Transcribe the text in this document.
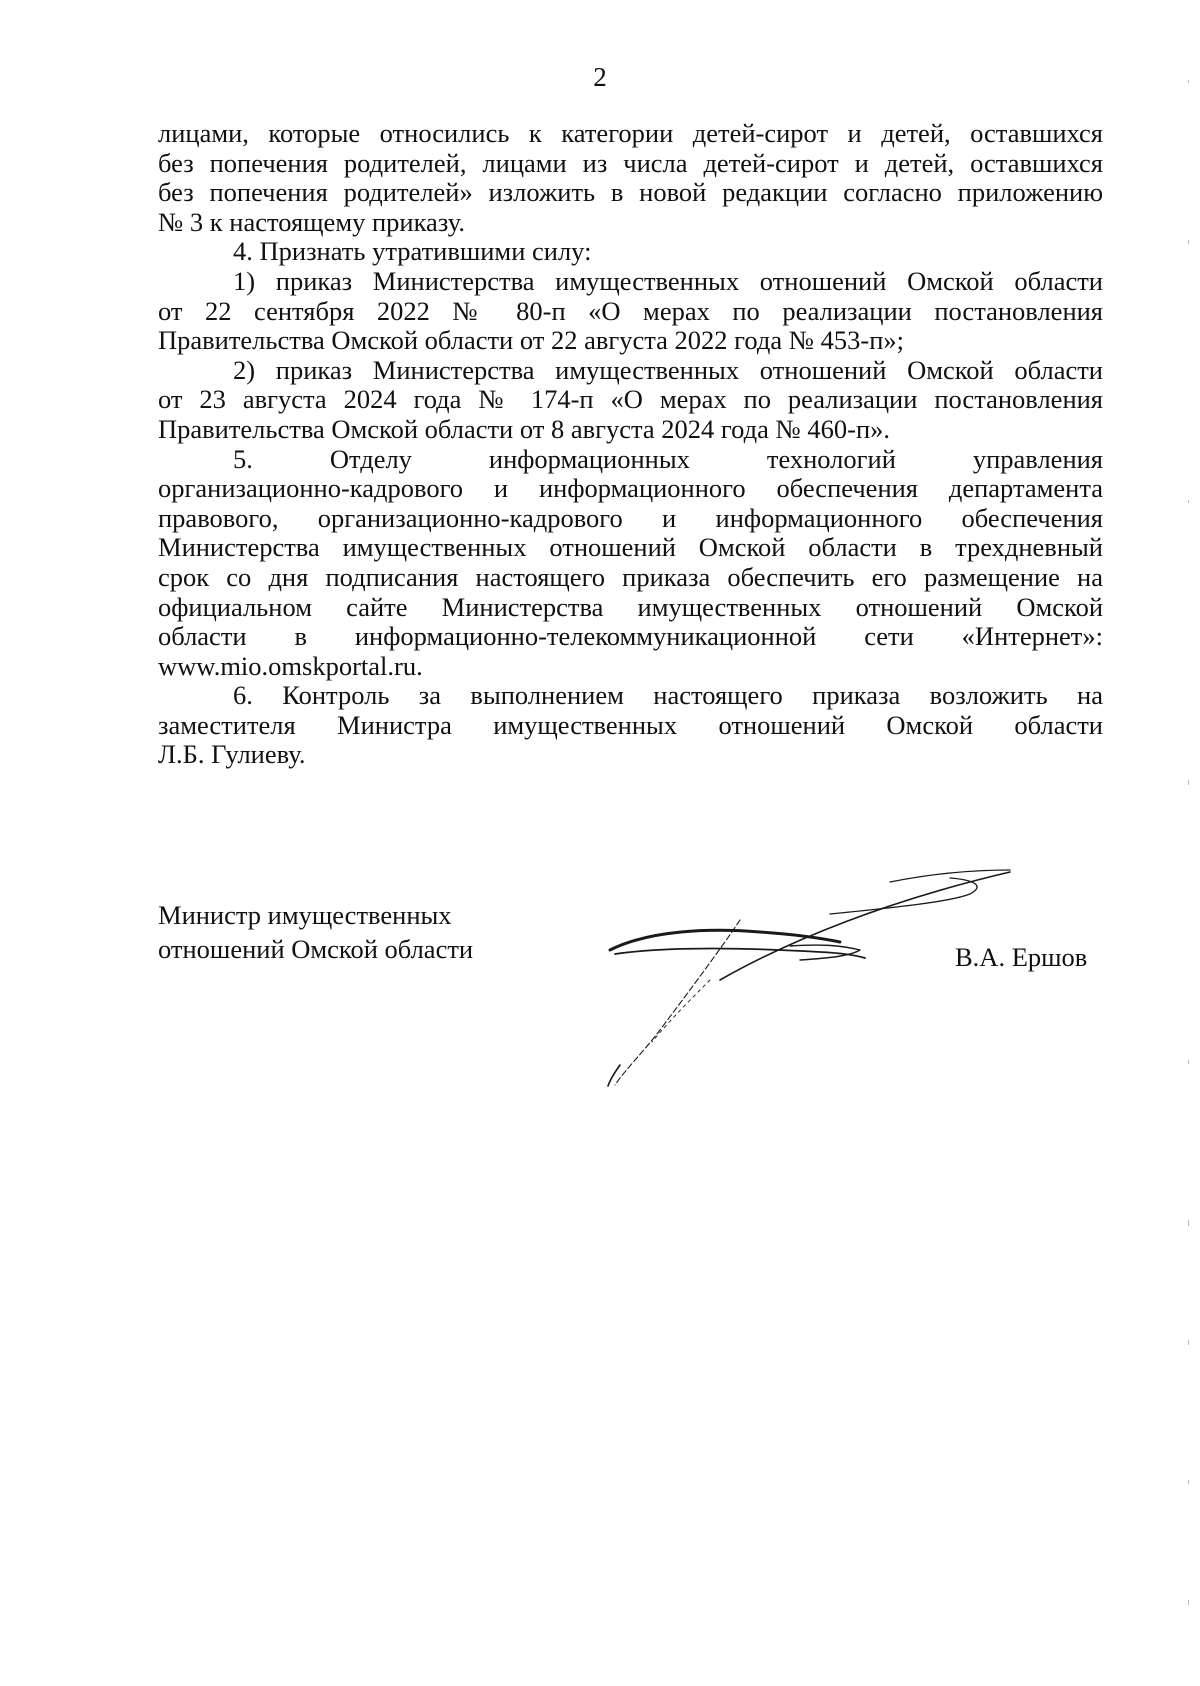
2

лицами, которые относились к категории детей-сирот и детей, оставшихся

без попечения родителей, лицами из числа детей-сирот и детей, оставшихся

без попечения родителей» изложить в новой редакции согласно приложению

№ 3 к настоящему приказу.

4. Признать утратившими силу:

1) приказ Министерства имущественных отношений Омской области

от 22 сентября 2022 № 80-п «О мерах по реализации постановления

Правительства Омской области от 22 августа 2022 года № 453-п»;

2) приказ Министерства имущественных отношений Омской области

от 23 августа 2024 года № 174-п «О мерах по реализации постановления

Правительства Омской области от 8 августа 2024 года № 460-п».

5. Отделу информационных технологий управления

организационно-кадрового и информационного обеспечения департамента

правового, организационно-кадрового и информационного обеспечения

Министерства имущественных отношений Омской области в трехдневный

срок со дня подписания настоящего приказа обеспечить его размещение на

официальном сайте Министерства имущественных отношений Омской

области в информационно-телекоммуникационной сети «Интернет»:

www.mio.omskportal.ru.

6. Контроль за выполнением настоящего приказа возложить на

заместителя Министра имущественных отношений Омской области

Л.Б. Гулиеву.

Министр имущественных
отношений Омской области	В.А. Ершов
